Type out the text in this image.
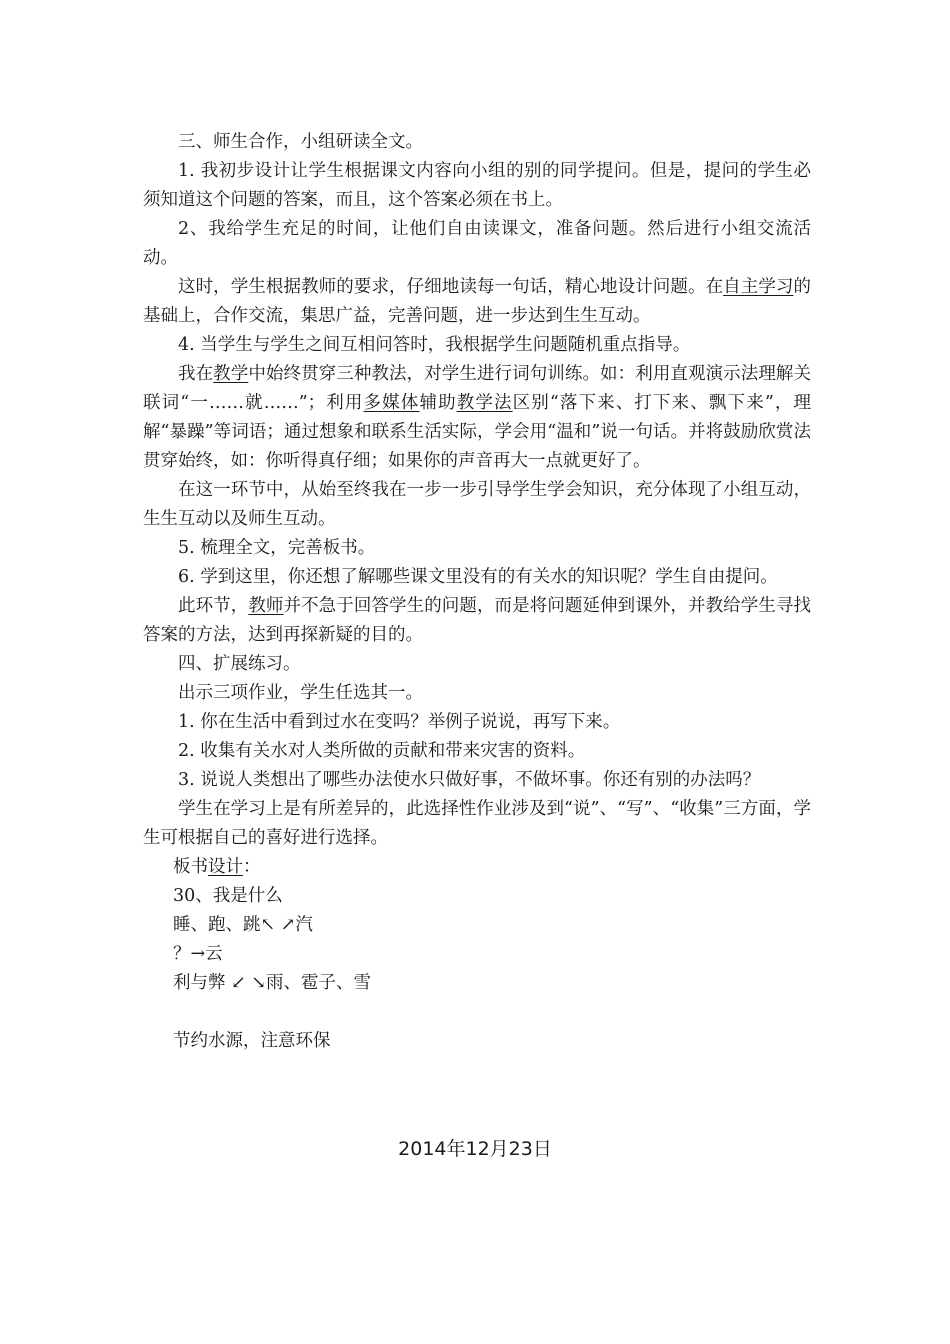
三、师生合作，小组研读全文。

1. 我初步设计让学生根据课文内容向小组的别的同学提问。但是，提问的学生必须知道这个问题的答案，而且，这个答案必须在书上。

2、我给学生充足的时间，让他们自由读课文，准备问题。然后进行小组交流活动。

这时，学生根据教师的要求，仔细地读每一句话，精心地设计问题。在自主学习的基础上，合作交流，集思广益，完善问题，进一步达到生生互动。

4. 当学生与学生之间互相问答时，我根据学生问题随机重点指导。

我在教学中始终贯穿三种教法，对学生进行词句训练。如：利用直观演示法理解关联词“一……就……”；利用多媒体辅助教学法区别“落下来、打下来、飘下来”，理解“暴躁”等词语；通过想象和联系生活实际，学会用“温和”说一句话。并将鼓励欣赏法贯穿始终，如：你听得真仔细；如果你的声音再大一点就更好了。

在这一环节中，从始至终我在一步一步引导学生学会知识，充分体现了小组互动，生生互动以及师生互动。

5. 梳理全文，完善板书。

6. 学到这里，你还想了解哪些课文里没有的有关水的知识呢？学生自由提问。

此环节，教师并不急于回答学生的问题，而是将问题延伸到课外，并教给学生寻找答案的方法，达到再探新疑的目的。

四、扩展练习。

出示三项作业，学生任选其一。

1. 你在生活中看到过水在变吗？举例子说说，再写下来。

2. 收集有关水对人类所做的贡献和带来灾害的资料。

3. 说说人类想出了哪些办法使水只做好事，不做坏事。你还有别的办法吗？

学生在学习上是有所差异的，此选择性作业涉及到“说”、“写”、“收集”三方面，学生可根据自己的喜好进行选择。

板书设计：

30、我是什么

睡、跑、跳↖ ↗汽

？→云

利与弊 ↙ ↘雨、雹子、雪

节约水源，注意环保

2014年12月23日
